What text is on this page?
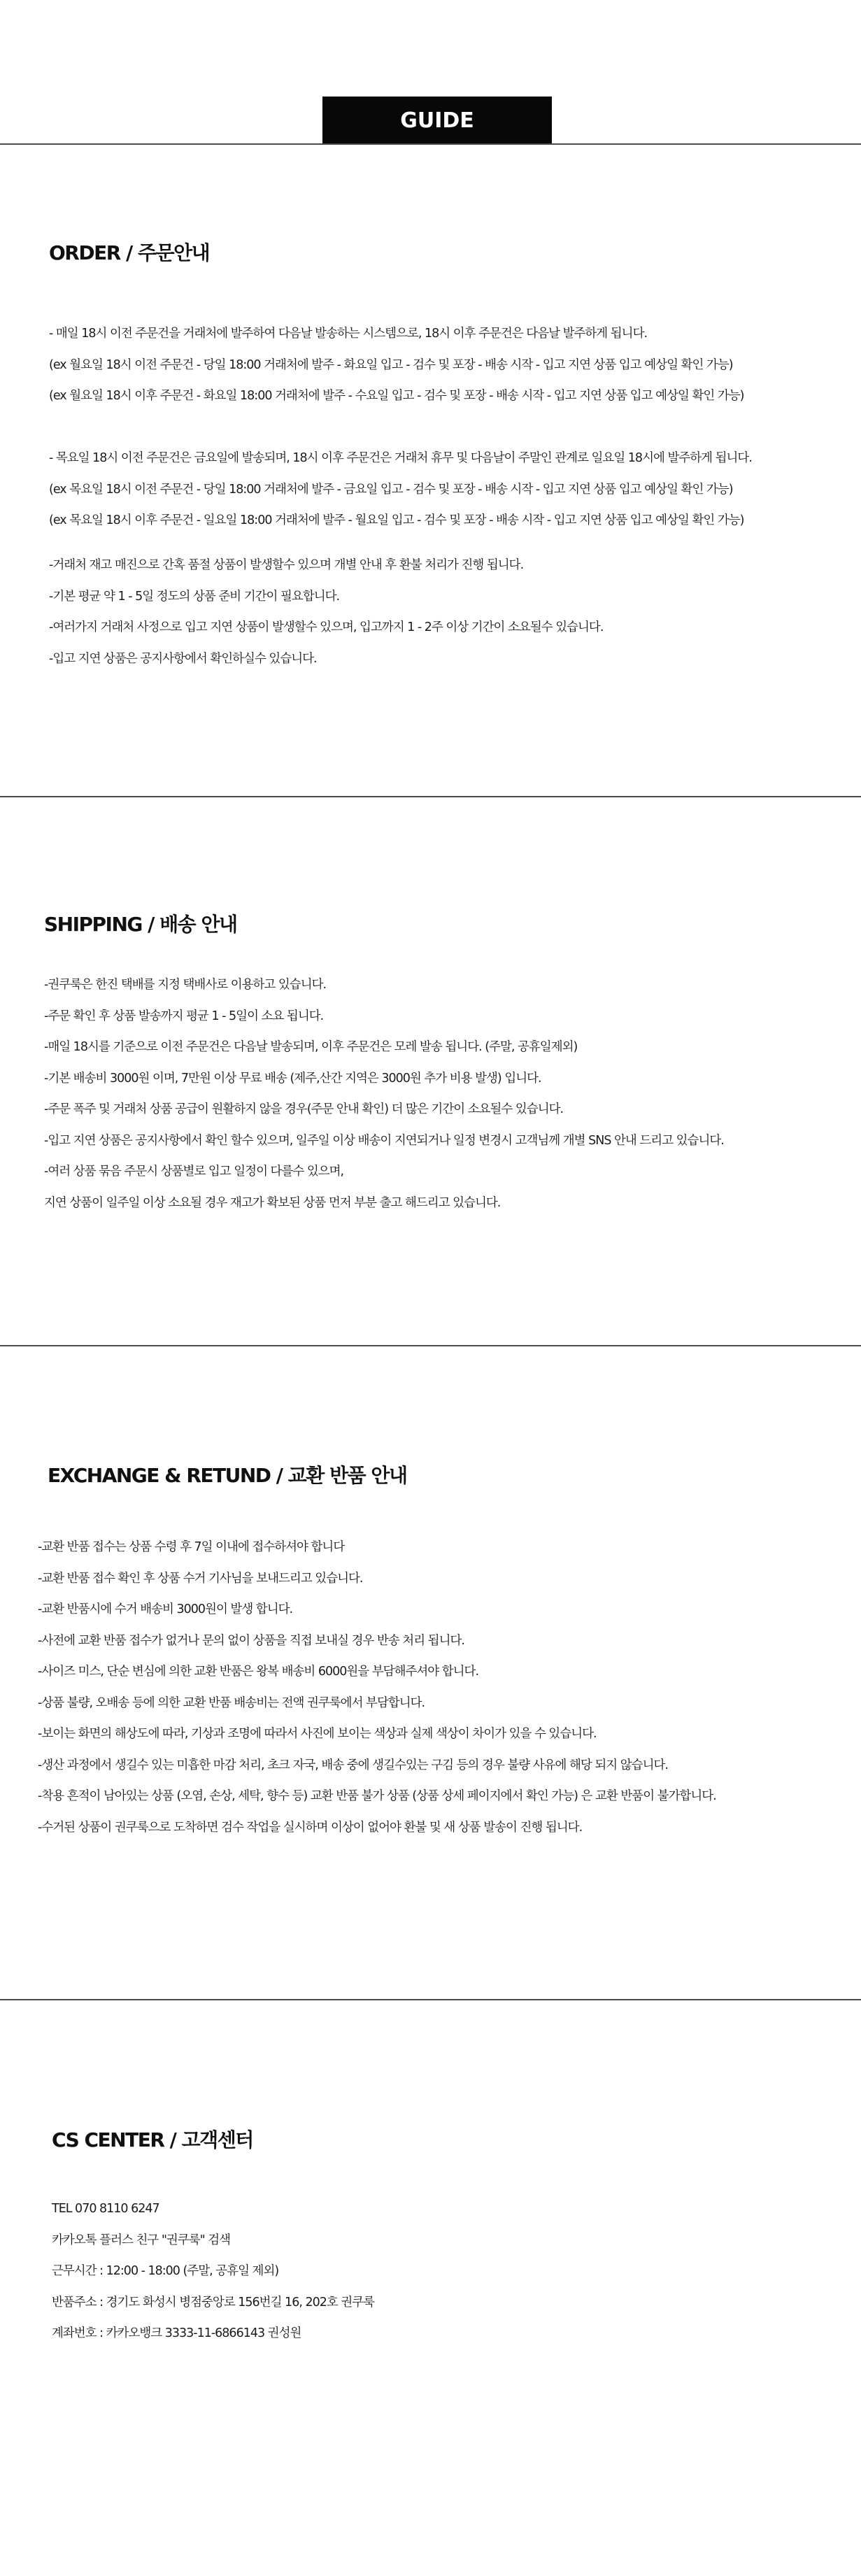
GUIDE
ORDER / 주문안내
- 매일 18시 이전 주문건을 거래처에 발주하여 다음날 발송하는 시스템으로, 18시 이후 주문건은 다음날 발주하게 됩니다.
(ex 월요일 18시 이전 주문건 - 당일 18:00 거래처에 발주 - 화요일 입고 - 검수 및 포장 - 배송 시작 - 입고 지연 상품 입고 예상일 확인 가능)
(ex 월요일 18시 이후 주문건 - 화요일 18:00 거래처에 발주 - 수요일 입고 - 검수 및 포장 - 배송 시작 - 입고 지연 상품 입고 예상일 확인 가능)
- 목요일 18시 이전 주문건은 금요일에 발송되며, 18시 이후 주문건은 거래처 휴무 및 다음날이 주말인 관계로 일요일 18시에 발주하게 됩니다.
(ex 목요일 18시 이전 주문건 - 당일 18:00 거래처에 발주 - 금요일 입고 - 검수 및 포장 - 배송 시작 - 입고 지연 상품 입고 예상일 확인 가능)
(ex 목요일 18시 이후 주문건 - 일요일 18:00 거래처에 발주 - 월요일 입고 - 검수 및 포장 - 배송 시작 - 입고 지연 상품 입고 예상일 확인 가능)
-거래처 재고 매진으로 간혹 품절 상품이 발생할수 있으며 개별 안내 후 환불 처리가 진행 됩니다.
-기본 평균 약 1 - 5일 정도의 상품 준비 기간이 필요합니다.
-여러가지 거래처 사정으로 입고 지연 상품이 발생할수 있으며, 입고까지 1 - 2주 이상 기간이 소요될수 있습니다.
-입고 지연 상품은 공지사항에서 확인하실수 있습니다.
SHIPPING / 배송 안내
-권쿠룩은 한진 택배를 지정 택배사로 이용하고 있습니다.
-주문 확인 후 상품 발송까지 평균 1 - 5일이 소요 됩니다.
-매일 18시를 기준으로 이전 주문건은 다음날 발송되며, 이후 주문건은 모레 발송 됩니다. (주말, 공휴일제외)
-기본 배송비 3000원 이며, 7만원 이상 무료 배송 (제주,산간 지역은 3000원 추가 비용 발생) 입니다.
-주문 폭주 및 거래처 상품 공급이 원활하지 않을 경우(주문 안내 확인) 더 많은 기간이 소요될수 있습니다.
-입고 지연 상품은 공지사항에서 확인 할수 있으며, 일주일 이상 배송이 지연되거나 일정 변경시 고객님께 개별 SNS 안내 드리고 있습니다.
-여러 상품 묶음 주문시 상품별로 입고 일정이 다를수 있으며,
지연 상품이 일주일 이상 소요될 경우 재고가 확보된 상품 먼저 부분 출고 해드리고 있습니다.
EXCHANGE & RETUND / 교환 반품 안내
-교환 반품 접수는 상품 수령 후 7일 이내에 접수하셔야 합니다
-교환 반품 접수 확인 후 상품 수거 기사님을 보내드리고 있습니다.
-교환 반품시에 수거 배송비 3000원이 발생 합니다.
-사전에 교환 반품 접수가 없거나 문의 없이 상품을 직접 보내실 경우 반송 처리 됩니다.
-사이즈 미스, 단순 변심에 의한 교환 반품은 왕복 배송비 6000원을 부담해주셔야 합니다.
-상품 불량, 오배송 등에 의한 교환 반품 배송비는 전액 권쿠룩에서 부담합니다.
-보이는 화면의 해상도에 따라, 기상과 조명에 따라서 사진에 보이는 색상과 실제 색상이 차이가 있을 수 있습니다.
-생산 과정에서 생길수 있는 미흡한 마감 처리, 초크 자국, 배송 중에 생길수있는 구김 등의 경우 불량 사유에 해당 되지 않습니다.
-착용 흔적이 남아있는 상품 (오염, 손상, 세탁, 향수 등) 교환 반품 불가 상품 (상품 상세 페이지에서 확인 가능) 은 교환 반품이 불가합니다.
-수거된 상품이 권쿠룩으로 도착하면 검수 작업을 실시하며 이상이 없어야 환불 및 새 상품 발송이 진행 됩니다.
CS CENTER / 고객센터
TEL 070 8110 6247
카카오톡 플러스 친구 "권쿠룩" 검색
근무시간 : 12:00 - 18:00 (주말, 공휴일 제외)
반품주소 : 경기도 화성시 병점중앙로 156번길 16, 202호 권쿠룩
계좌번호 : 카카오뱅크 3333-11-6866143 권성원
